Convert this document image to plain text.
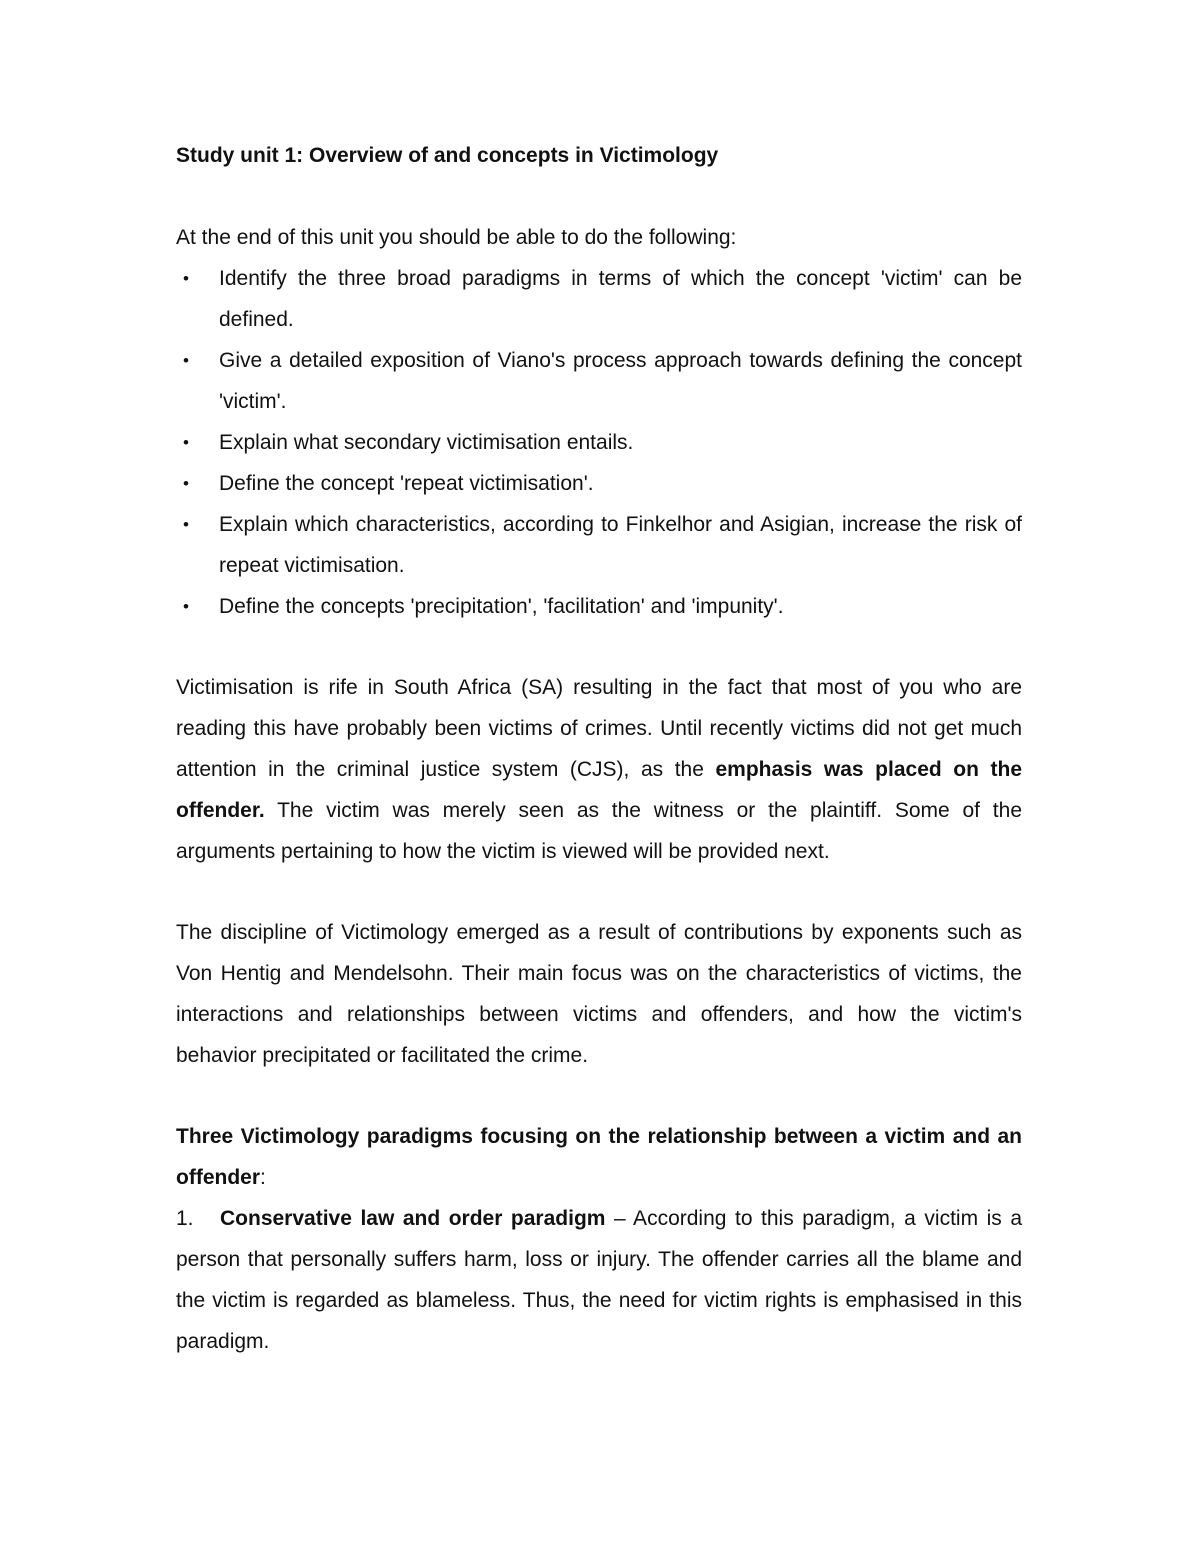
Study unit 1: Overview of and concepts in Victimology

At the end of this unit you should be able to do the following:

•	Identify the three broad paradigms in terms of which the concept 'victim' can be defined.
•	Give a detailed exposition of Viano's process approach towards defining the concept 'victim'.
•	Explain what secondary victimisation entails.
•	Define the concept 'repeat victimisation'.
•	Explain which characteristics, according to Finkelhor and Asigian, increase the risk of repeat victimisation.
•	Define the concepts 'precipitation', 'facilitation' and 'impunity'.

Victimisation is rife in South Africa (SA) resulting in the fact that most of you who are reading this have probably been victims of crimes. Until recently victims did not get much attention in the criminal justice system (CJS), as the emphasis was placed on the offender. The victim was merely seen as the witness or the plaintiff. Some of the arguments pertaining to how the victim is viewed will be provided next.

The discipline of Victimology emerged as a result of contributions by exponents such as Von Hentig and Mendelsohn. Their main focus was on the characteristics of victims, the interactions and relationships between victims and offenders, and how the victim's behavior precipitated or facilitated the crime.

Three Victimology paradigms focusing on the relationship between a victim and an offender:

1. Conservative law and order paradigm – According to this paradigm, a victim is a person that personally suffers harm, loss or injury. The offender carries all the blame and the victim is regarded as blameless. Thus, the need for victim rights is emphasised in this paradigm.
